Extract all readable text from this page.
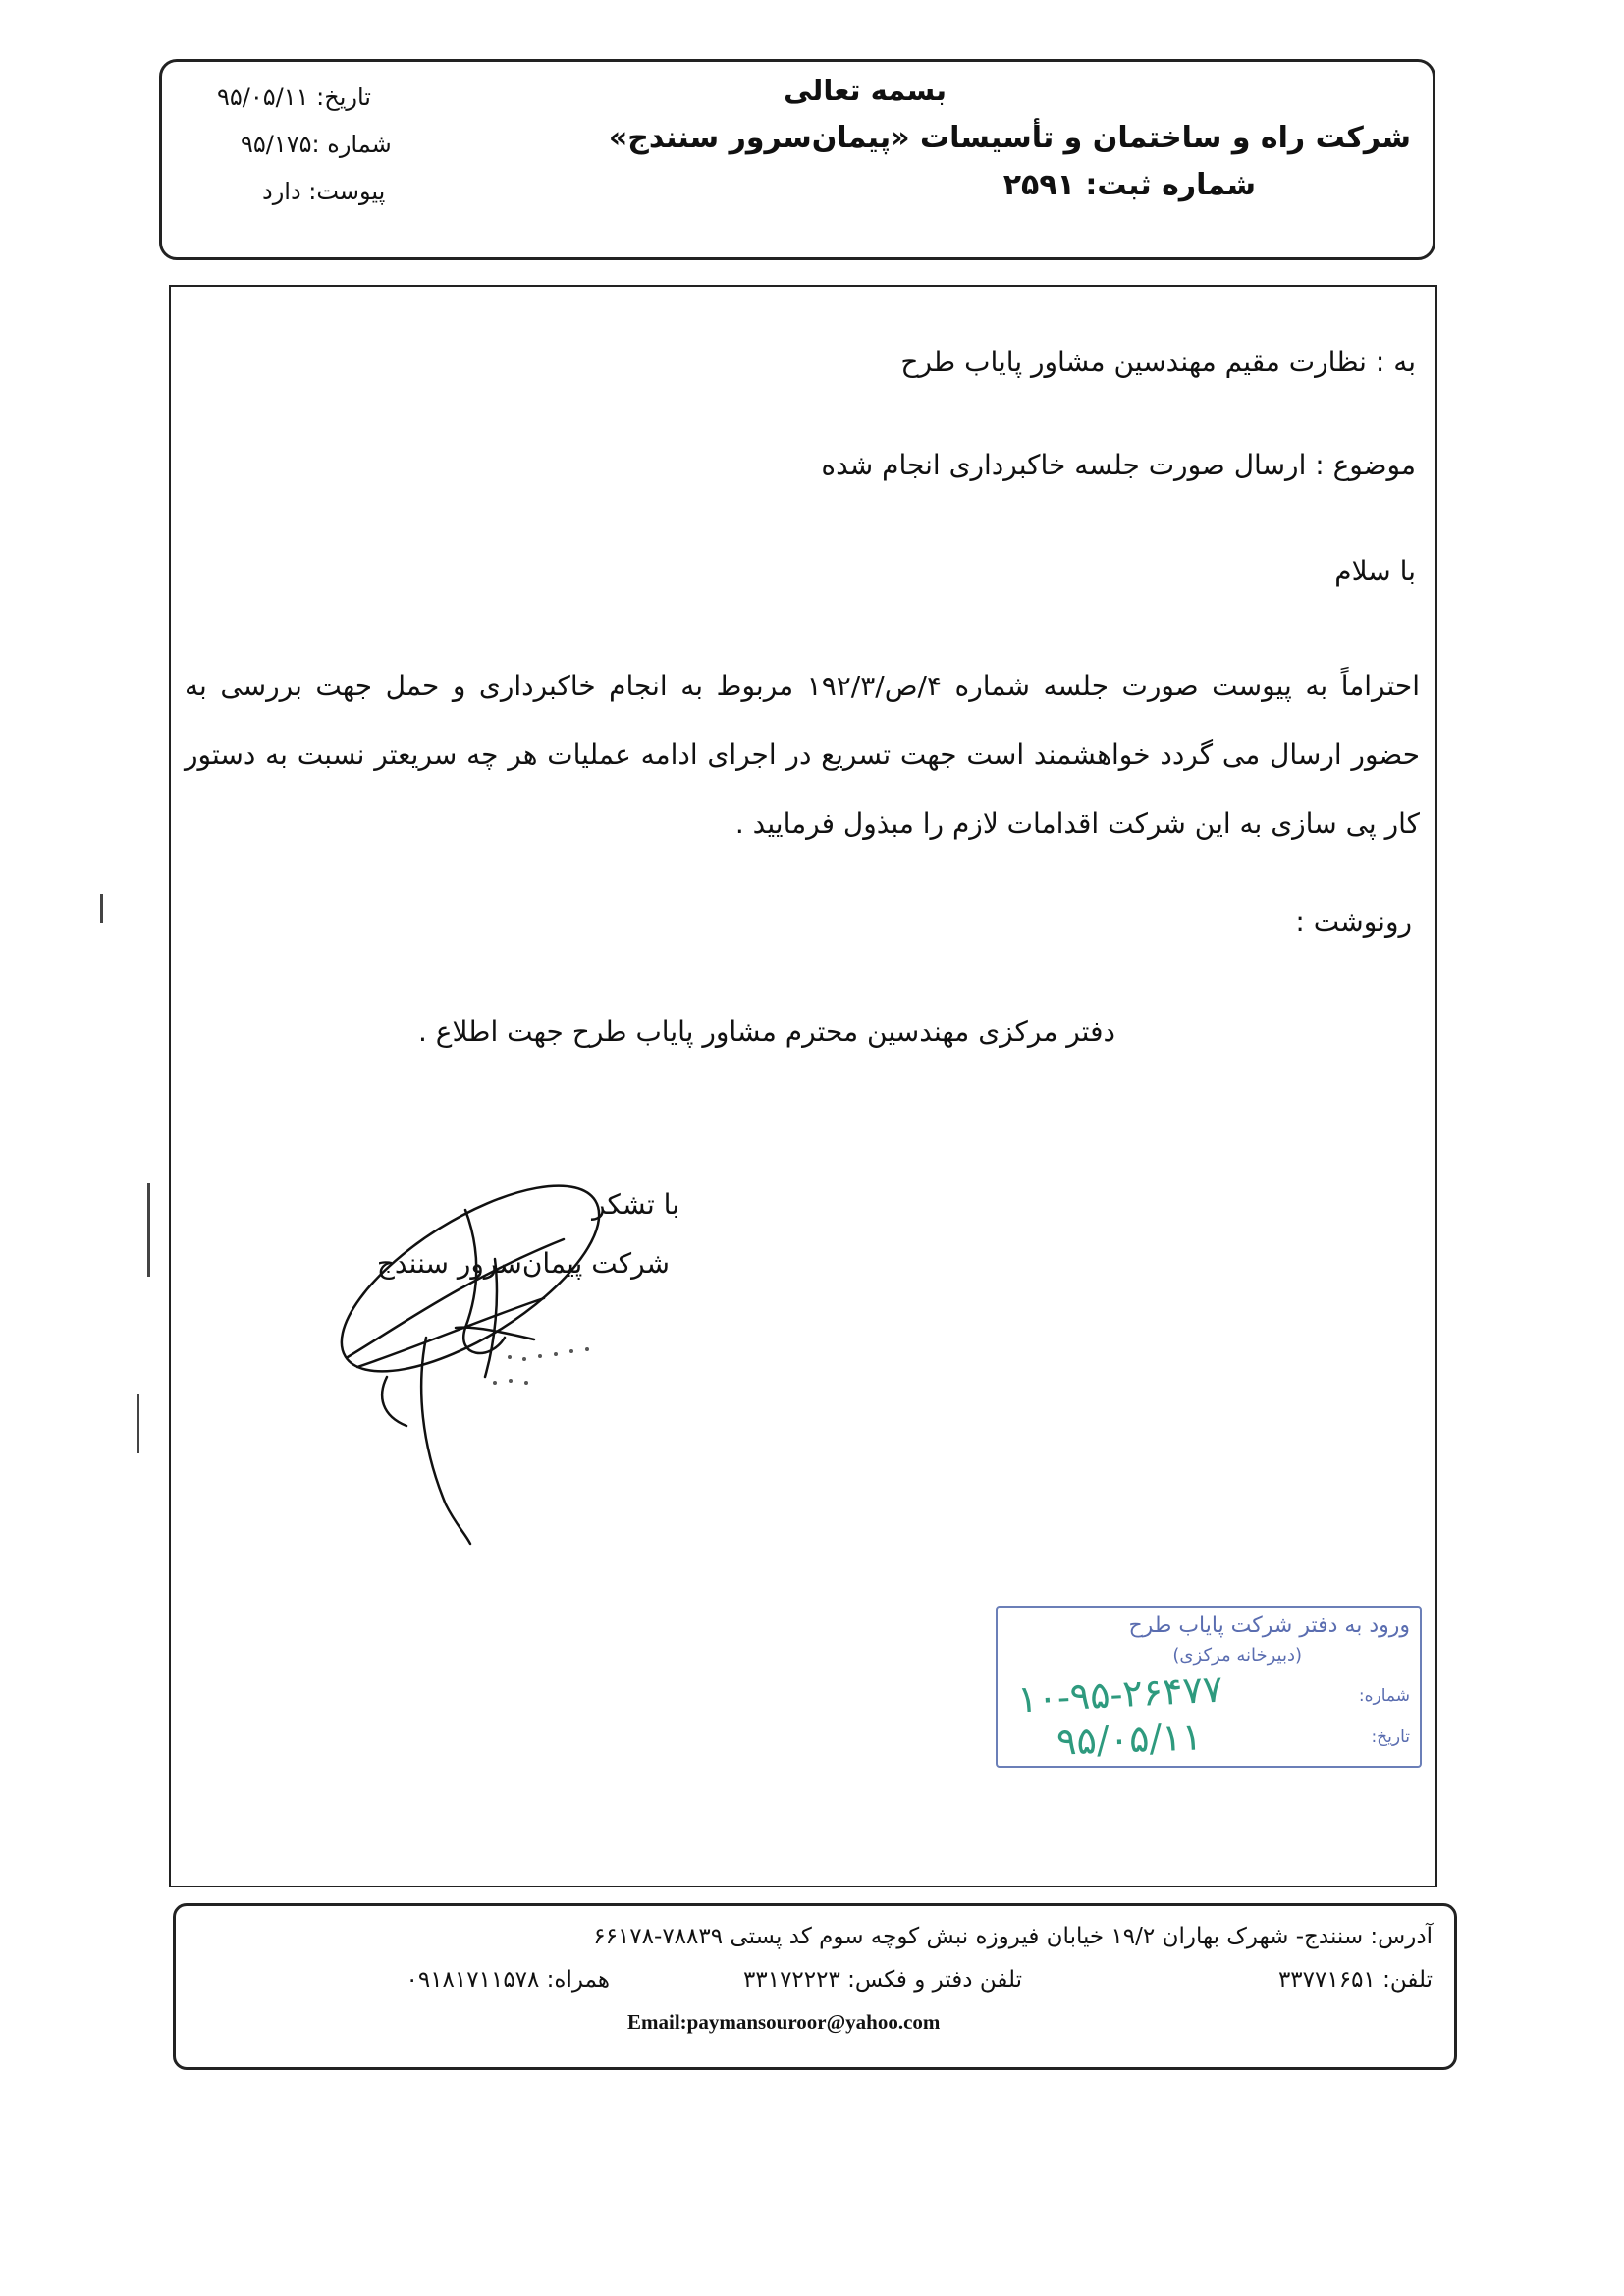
بسمه تعالی
شرکت راه و ساختمان و تأسیسات «پیمان‌سرور سنندج»
شماره ثبت: ۲۵۹۱
تاریخ: ۹۵/۰۵/۱۱
شماره :۹۵/۱۷۵
پیوست: دارد
به : نظارت مقیم مهندسین مشاور پایاب طرح
موضوع : ارسال صورت جلسه خاکبرداری انجام شده
با سلام
احتراماً به پیوست صورت جلسه شماره ۴/ص/۱۹۲/۳ مربوط به انجام خاکبرداری و حمل جهت بررسی به حضور ارسال می گردد خواهشمند است جهت تسریع در اجرای ادامه عملیات هر چه سریعتر نسبت به دستور کار پی سازی به این شرکت اقدامات لازم را مبذول فرمایید .
رونوشت :
دفتر مرکزی مهندسین محترم مشاور پایاب طرح جهت اطلاع .
با تشکر
شرکت پیمان‌سرور سنندج
ورود به دفتر شرکت پایاب طرح
(دبیرخانه مرکزی)
شماره:
تاریخ:
۱۰-۹۵-۲۶۴۷۷
۹۵/۰۵/۱۱
آدرس: سنندج- شهرک بهاران ۱۹/۲ خیابان فیروزه نبش کوچه سوم کد پستی ۷۸۸۳۹-۶۶۱۷۸
تلفن: ۳۳۷۷۱۶۵۱
تلفن دفتر و فکس: ۳۳۱۷۲۲۲۳
همراه: ۰۹۱۸۱۷۱۱۵۷۸
Email:paymansouroor@yahoo.com
